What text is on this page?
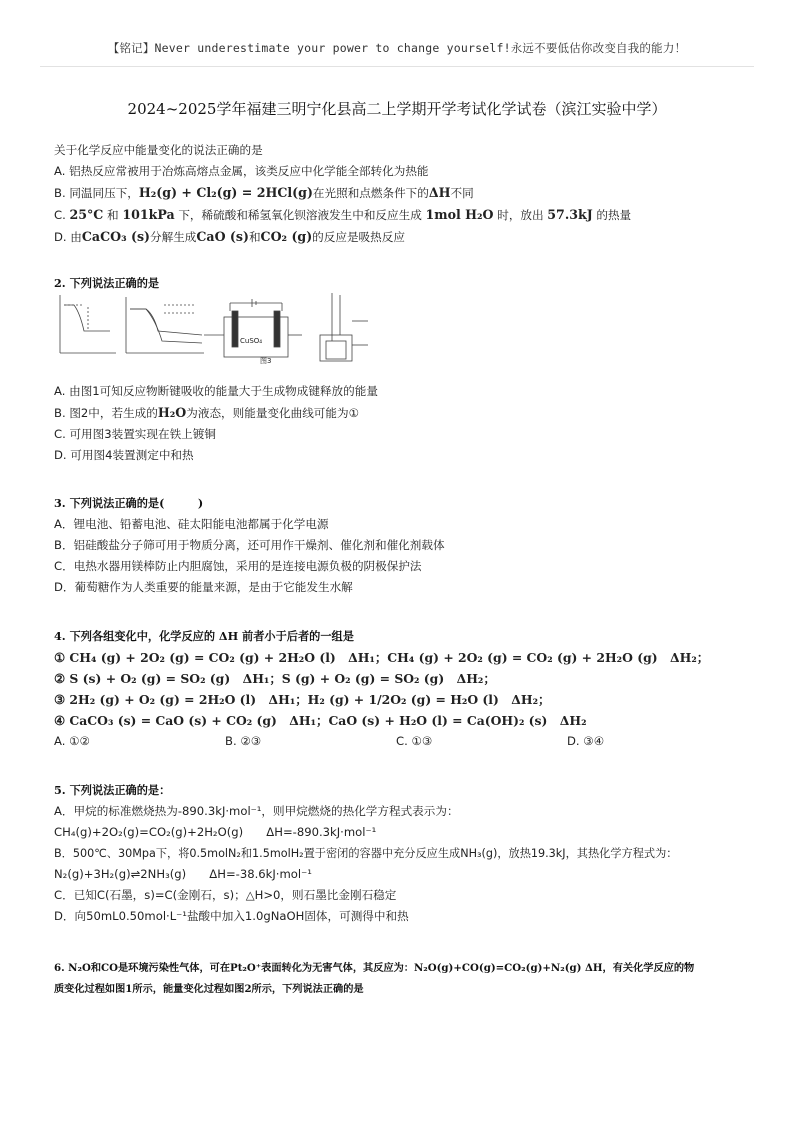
【铭记】Never underestimate your power to change yourself!永远不要低估你改变自我的能力！
2024~2025学年福建三明宁化县高二上学期开学考试化学试卷（滨江实验中学）
关于化学反应中能量变化的说法正确的是
A. 铝热反应常被用于冶炼高熔点金属，该类反应中化学能全部转化为热能
B. 同温同压下，H₂(g) + Cl₂(g) = 2HCl(g)在光照和点燃条件下的ΔH不同
C. 25°C 和 101kPa 下，稀硫酸和稀氢氧化钡溶液发生中和反应生成 1mol H₂O 时，放出 57.3kJ 的热量
D. 由CaCO₃ (s)分解生成CaO (s)和CO₂ (g)的反应是吸热反应
2. 下列说法正确的是
图3
CuSO₄
A. 由图1可知反应物断键吸收的能量大于生成物成键释放的能量
B. 图2中，若生成的H₂O为液态，则能量变化曲线可能为①
C. 可用图3装置实现在铁上镀铜
D. 可用图4装置测定中和热
3. 下列说法正确的是(　　　)
A．锂电池、铅蓄电池、硅太阳能电池都属于化学电源
B．铝硅酸盐分子筛可用于物质分离，还可用作干燥剂、催化剂和催化剂载体
C．电热水器用镁棒防止内胆腐蚀，采用的是连接电源负极的阴极保护法
D．葡萄糖作为人类重要的能量来源，是由于它能发生水解
4. 下列各组变化中，化学反应的 ΔH 前者小于后者的一组是
① CH₄ (g) + 2O₂ (g) = CO₂ (g) + 2H₂O (l)　ΔH₁；CH₄ (g) + 2O₂ (g) = CO₂ (g) + 2H₂O (g)　ΔH₂；
② S (s) + O₂ (g) = SO₂ (g)　ΔH₁；S (g) + O₂ (g) = SO₂ (g)　ΔH₂；
③ 2H₂ (g) + O₂ (g) = 2H₂O (l)　ΔH₁；H₂ (g) + 1/2O₂ (g) = H₂O (l)　ΔH₂；
④ CaCO₃ (s) = CaO (s) + CO₂ (g)　ΔH₁；CaO (s) + H₂O (l) = Ca(OH)₂ (s)　ΔH₂
A. ①②	B. ②③	C. ①③	D. ③④
5. 下列说法正确的是：
A．甲烷的标准燃烧热为-890.3kJ·mol⁻¹，则甲烷燃烧的热化学方程式表示为：
CH₄(g)+2O₂(g)=CO₂(g)+2H₂O(g)　　ΔH=-890.3kJ·mol⁻¹
B．500℃、30Mpa下，将0.5molN₂和1.5molH₂置于密闭的容器中充分反应生成NH₃(g)，放热19.3kJ，其热化学方程式为：
N₂(g)+3H₂(g)⇌2NH₃(g)　　ΔH=-38.6kJ·mol⁻¹
C．已知C(石墨，s)=C(金刚石，s)；△H>0，则石墨比金刚石稳定
D．向50mL0.50mol·L⁻¹盐酸中加入1.0gNaOH固体，可测得中和热
6. N₂O和CO是环境污染性气体，可在Pt₂O⁺表面转化为无害气体，其反应为：N₂O(g)+CO(g)=CO₂(g)+N₂(g) ΔH，有关化学反应的物
质变化过程如图1所示，能量变化过程如图2所示，下列说法正确的是
